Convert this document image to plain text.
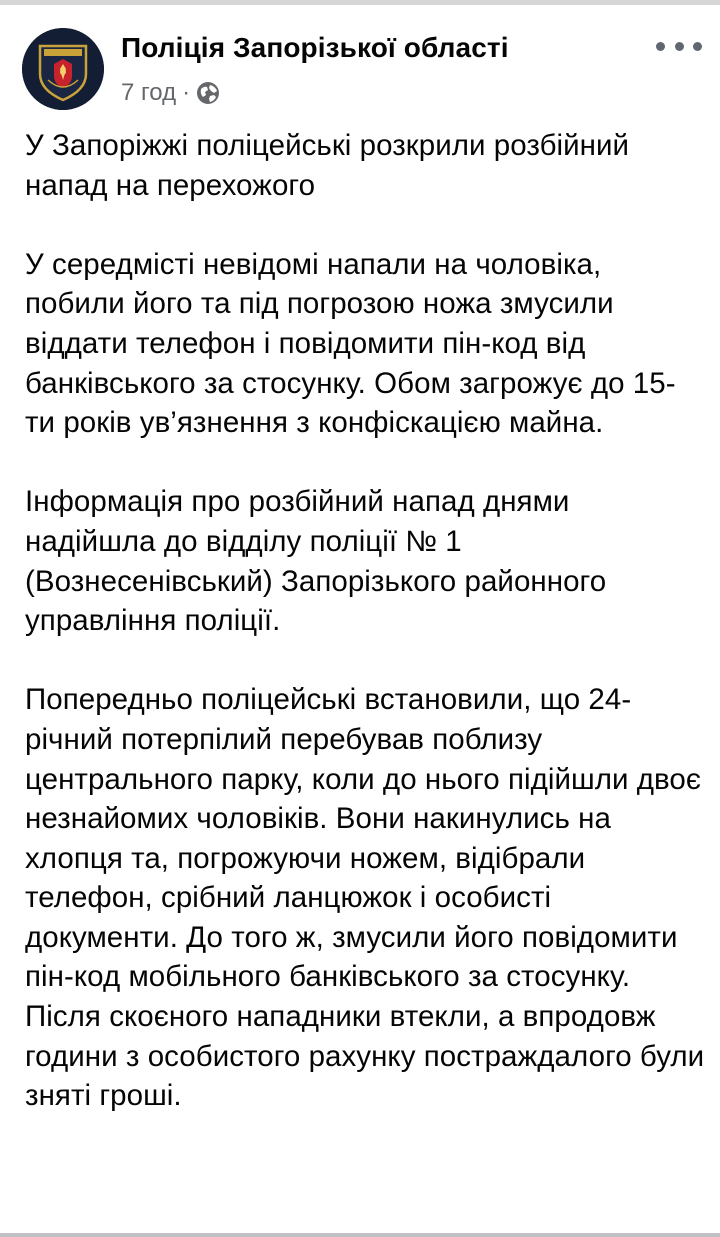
Поліція Запорізької області
7 год ·

У Запоріжжі поліцейські розкрили розбійний напад на перехожого

У середмісті невідомі напали на чоловіка, побили його та під погрозою ножа змусили віддати телефон і повідомити пін-код від банківського за стосунку. Обом загрожує до 15-ти років ув’язнення з конфіскацією майна.

Інформація про розбійний напад днями надійшла до відділу поліції № 1 (Вознесенівський) Запорізького районного управління поліції.

Попередньо поліцейські встановили, що 24-річний потерпілий перебував поблизу центрального парку, коли до нього підійшли двоє незнайомих чоловіків. Вони накинулись на хлопця та, погрожуючи ножем, відібрали телефон, срібний ланцюжок і особисті документи. До того ж, змусили його повідомити пін-код мобільного банківського за стосунку. Після скоєного нападники втекли, а впродовж години з особистого рахунку постраждалого були зняті гроші.
